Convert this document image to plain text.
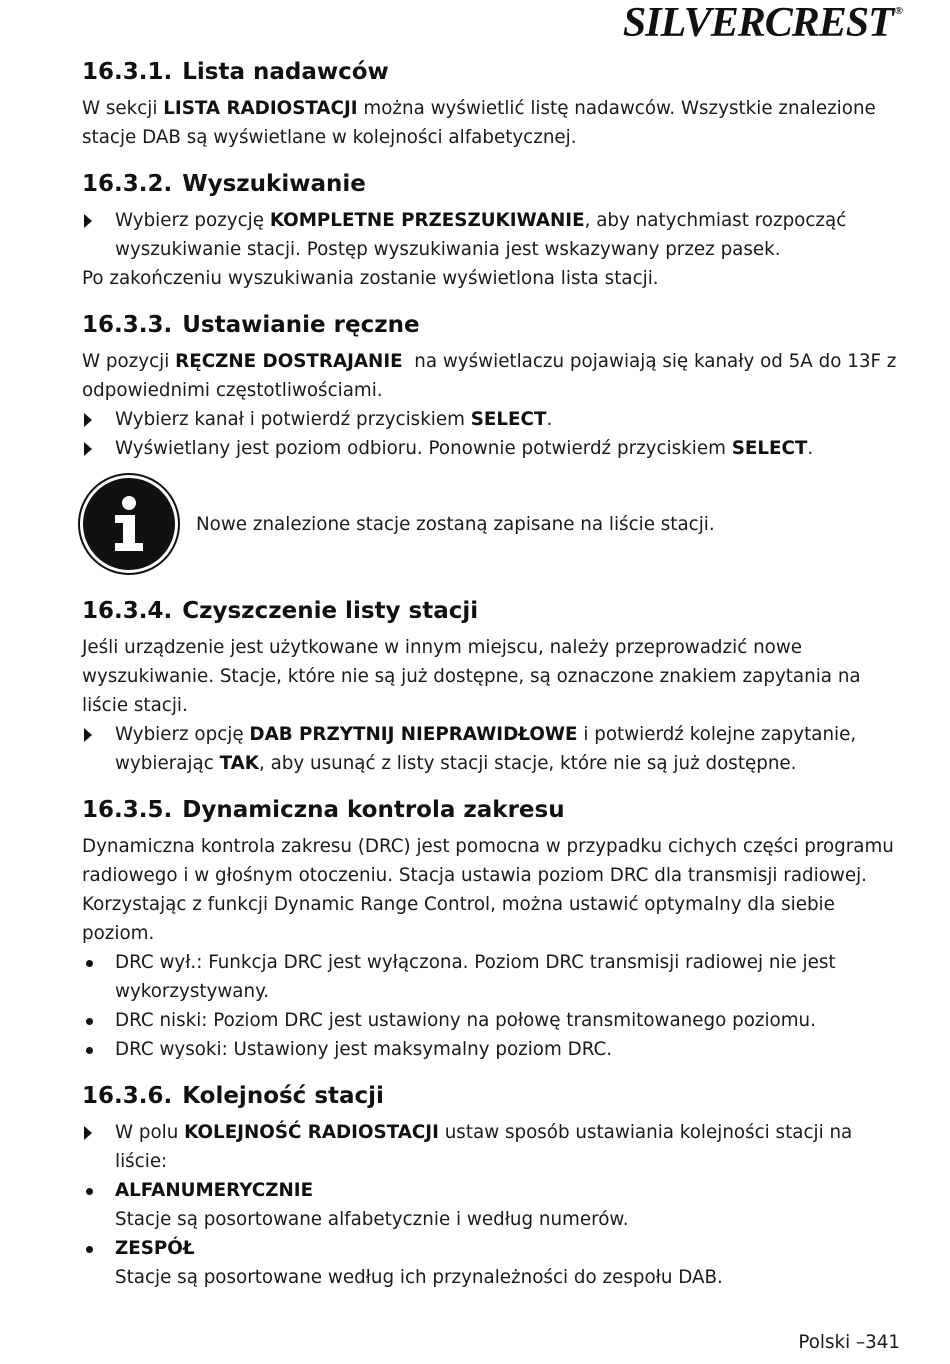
SILVERCREST ®
16.3.1. Lista nadawców

W sekcji LISTA RADIOSTACJI można wyświetlić listę nadawców. Wszystkie znalezione stacje DAB są wyświetlane w kolejności alfabetycznej.

16.3.2. Wyszukiwanie
Wybierz pozycję KOMPLETNE PRZESZUKIWANIE, aby natychmiast rozpocząć wyszukiwanie stacji. Postęp wyszukiwania jest wskazywany przez pasek.

Po zakończeniu wyszukiwania zostanie wyświetlona lista stacji.

16.3.3. Ustawianie ręczne

W pozycji RĘCZNE DOSTRAJANIE  na wyświetlaczu pojawiają się kanały od 5A do 13F z odpowiednimi częstotliwościami.

Wybierz kanał i potwierdź przyciskiem SELECT.
Wyświetlany jest poziom odbioru. Ponownie potwierdź przyciskiem SELECT.
Nowe znalezione stacje zostaną zapisane na liście stacji.
16.3.4. Czyszczenie listy stacji

Jeśli urządzenie jest użytkowane w innym miejscu, należy przeprowadzić nowe wyszukiwanie. Stacje, które nie są już dostępne, są oznaczone znakiem zapytania na liście stacji.

Wybierz opcję DAB PRZYTNIJ NIEPRAWIDŁOWE i potwierdź kolejne zapytanie, wybierając TAK, aby usunąć z listy stacji stacje, które nie są już dostępne.
16.3.5. Dynamiczna kontrola zakresu

Dynamiczna kontrola zakresu (DRC) jest pomocna w przypadku cichych części programu radiowego i w głośnym otoczeniu. Stacja ustawia poziom DRC dla transmisji radiowej. Korzystając z funkcji Dynamic Range Control, można ustawić optymalny dla siebie poziom.

DRC wył.: Funkcja DRC jest wyłączona. Poziom DRC transmisji radiowej nie jest wykorzystywany.
DRC niski: Poziom DRC jest ustawiony na połowę transmitowanego poziomu.
DRC wysoki: Ustawiony jest maksymalny poziom DRC.
16.3.6. Kolejność stacji
W polu KOLEJNOŚĆ RADIOSTACJI ustaw sposób ustawiania kolejności stacji na liście:
ALFANUMERYCZNIE
Stacje są posortowane alfabetycznie i według numerów.
ZESPÓŁ
Stacje są posortowane według ich przynależności do zespołu DAB.
Polski –341
